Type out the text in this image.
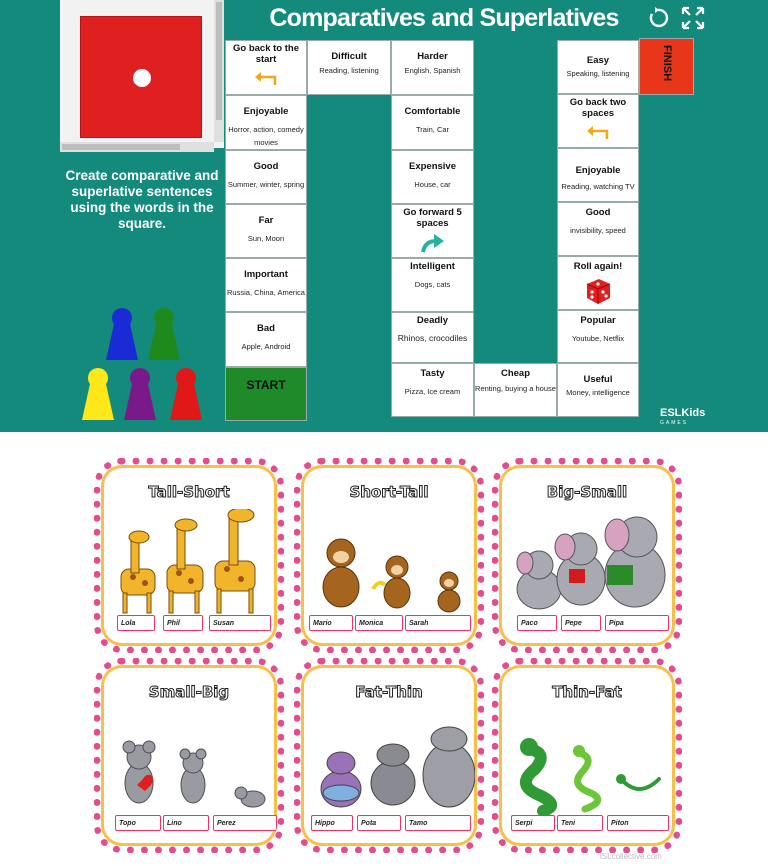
Comparatives and Superlatives
Create comparative and superlative sentences using the words in the square.
START
Bad
Apple, Android
Important
Russia, China, America
Far
Sun, Moon
Good
Summer, winter, spring
Enjoyable
Horror, action, comedy movies
Go back to the start	Difficult
Reading, listening
Harder
English, Spanish
Comfortable
Train, Car
Expensive
House, car
Go forward 5 spaces
Intelligent
Dogs, cats
Deadly
Rhinos, crocodiles
Tasty
Pizza, Ice cream
Cheap
Renting, buying a house
Useful
Money, intelligence
Popular
Youtube, Netflix
Roll again!
Good
invisibility, speed
Enjoyable
Reading, watching TV
Go back two spaces
Easy
Speaking, listening	FINISH
ESLKids
GAMES
Tall-Short
Lola	Phil	Susan
Short-Tall
Mario	Monica	Sarah
Big-Small
Paco	Pepe	Pipa
Small-Big
Topo	Lino	Perez
Fat-Thin
Hippo	Pota	Tamo
Thin-Fat
Serpi	Teni	Piton
iSLcollective.com
